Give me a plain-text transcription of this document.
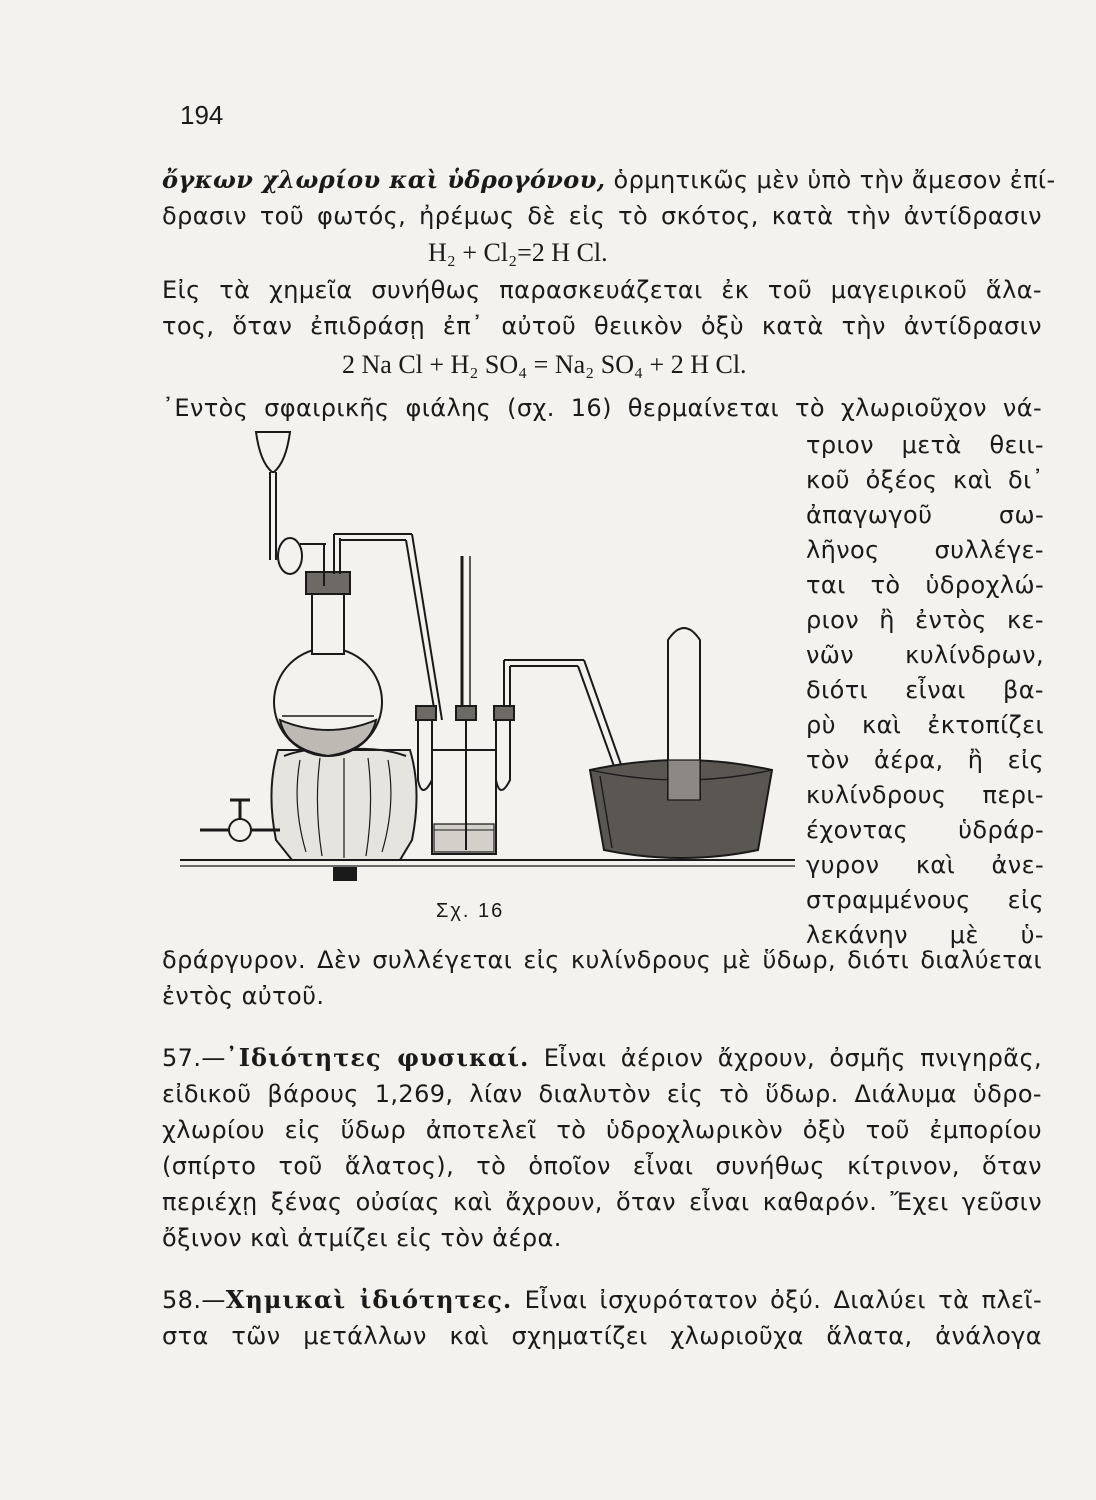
194
ὄγκων χλωρίου καὶ ὑδρογόνου, ὁρμητικῶς μὲν ὑπὸ τὴν ἄμεσον ἐπί-
δρασιν τοῦ φωτός, ἠρέμως δὲ εἰς τὸ σκότος, κατὰ τὴν ἀντίδρασιν
H₂ + Cl₂=2 H Cl.
Εἰς τὰ χημεῖα συνήθως παρασκευάζεται ἐκ τοῦ μαγειρικοῦ ἅλα-
τος, ὅταν ἐπιδράσῃ ἐπ᾽ αὐτοῦ θειικὸν ὀξὺ κατὰ τὴν ἀντίδρασιν
2 Na Cl + H₂ SO₄ = Na₂ SO₄ + 2 H Cl.
᾽Εντὸς σφαιρικῆς φιάλης (σχ. 16) θερμαίνεται τὸ χλωριοῦχον νά-
τριον μετὰ θειι-
κοῦ ὀξέος καὶ δι᾽
ἀπαγωγοῦ σω-
λῆνος συλλέγε-
ται τὸ ὑδροχλώ-
ριον ἢ ἐντὸς κε-
νῶν κυλίνδρων,
διότι εἶναι βα-
ρὺ καὶ ἐκτοπίζει
τὸν ἀέρα, ἢ εἰς
κυλίνδρους περι-
έχοντας ὑδράρ-
γυρον καὶ ἀνε-
στραμμένους εἰς
λεκάνην μὲ ὑ-
Σχ. 16
δράργυρον. Δὲν συλλέγεται εἰς κυλίνδρους μὲ ὕδωρ, διότι διαλύεται
ἐντὸς αὐτοῦ.
57.—᾽Ιδιότητες φυσικαί. Εἶναι ἀέριον ἄχρουν, ὀσμῆς πνιγηρᾶς,
εἰδικοῦ βάρους 1,269, λίαν διαλυτὸν εἰς τὸ ὕδωρ. Διάλυμα ὑδρο-
χλωρίου εἰς ὕδωρ ἀποτελεῖ τὸ ὑδροχλωρικὸν ὀξὺ τοῦ ἐμπορίου
(σπίρτο τοῦ ἅλατος), τὸ ὁποῖον εἶναι συνήθως κίτρινον, ὅταν
περιέχῃ ξένας οὐσίας καὶ ἄχρουν, ὅταν εἶναι καθαρόν. Ἔχει γεῦσιν
ὄξινον καὶ ἀτμίζει εἰς τὸν ἀέρα.
58.—Χημικαὶ ἰδιότητες. Εἶναι ἰσχυρότατον ὀξύ. Διαλύει τὰ πλεῖ-
στα τῶν μετάλλων καὶ σχηματίζει χλωριοῦχα ἅλατα, ἀνάλογα
